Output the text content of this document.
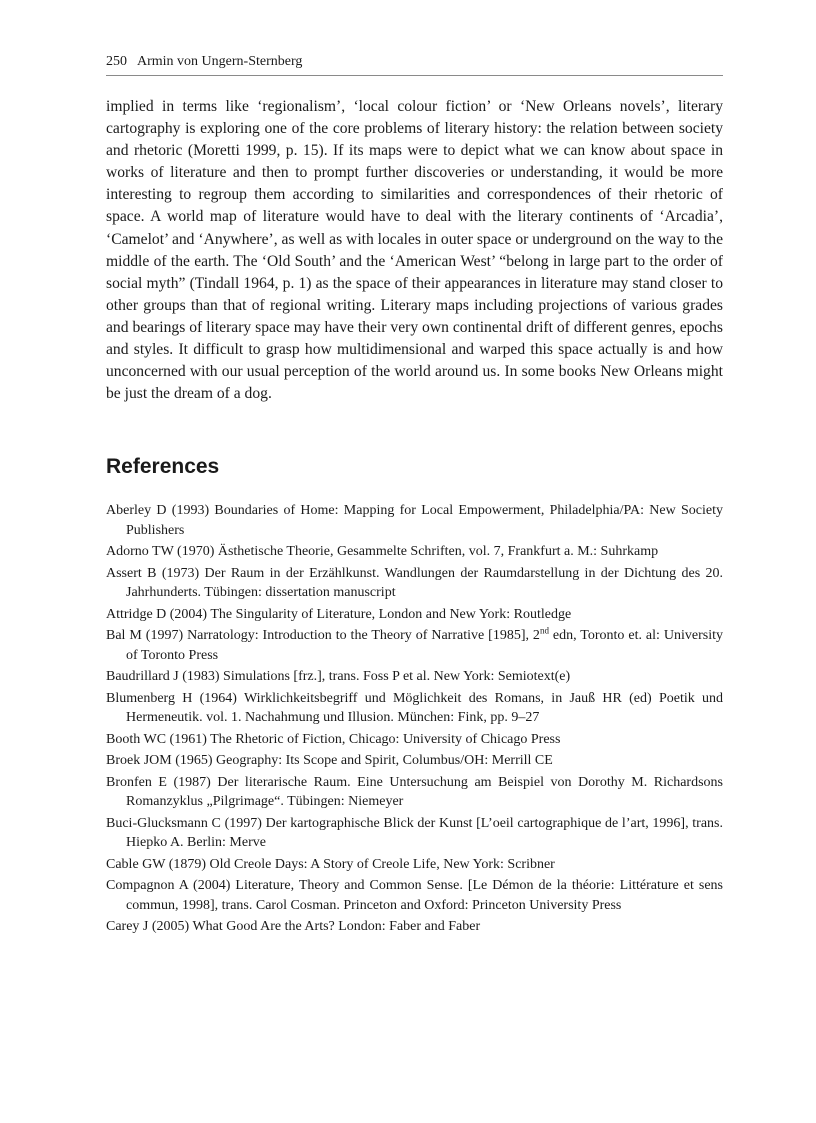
250 Armin von Ungern-Sternberg

implied in terms like ‘regionalism’, ‘local colour fiction’ or ‘New Orleans novels’, literary cartography is exploring one of the core problems of literary history: the relation between society and rhetoric (Moretti 1999, p. 15). If its maps were to depict what we can know about space in works of literature and then to prompt further discoveries or understanding, it would be more interesting to regroup them according to similarities and correspondences of their rhetoric of space. A world map of literature would have to deal with the literary continents of ‘Arcadia’, ‘Camelot’ and ‘Anywhere’, as well as with locales in outer space or underground on the way to the middle of the earth. The ‘Old South’ and the ‘American West’ “belong in large part to the order of social myth” (Tindall 1964, p. 1) as the space of their appearances in literature may stand closer to other groups than that of regional writing. Literary maps including projections of various grades and bearings of literary space may have their very own continental drift of different genres, epochs and styles. It difficult to grasp how multidimensional and warped this space actually is and how unconcerned with our usual perception of the world around us. In some books New Orleans might be just the dream of a dog.

References
Aberley D (1993) Boundaries of Home: Mapping for Local Empowerment, Philadelphia/PA: New Society Publishers
Adorno TW (1970) Ästhetische Theorie, Gesammelte Schriften, vol. 7, Frankfurt a. M.: Suhrkamp
Assert B (1973) Der Raum in der Erzählkunst. Wandlungen der Raumdarstellung in der Dichtung des 20. Jahrhunderts. Tübingen: dissertation manuscript
Attridge D (2004) The Singularity of Literature, London and New York: Routledge
Bal M (1997) Narratology: Introduction to the Theory of Narrative [1985], 2nd edn, Toronto et. al: University of Toronto Press
Baudrillard J (1983) Simulations [frz.], trans. Foss P et al. New York: Semiotext(e)
Blumenberg H (1964) Wirklichkeitsbegriff und Möglichkeit des Romans, in Jauß HR (ed) Poetik und Hermeneutik. vol. 1. Nachahmung und Illusion. München: Fink, pp. 9–27
Booth WC (1961) The Rhetoric of Fiction, Chicago: University of Chicago Press
Broek JOM (1965) Geography: Its Scope and Spirit, Columbus/OH: Merrill CE
Bronfen E (1987) Der literarische Raum. Eine Untersuchung am Beispiel von Dorothy M. Richardsons Romanzyklus „Pilgrimage“. Tübingen: Niemeyer
Buci-Glucksmann C (1997) Der kartographische Blick der Kunst [L’oeil cartographique de l’art, 1996], trans. Hiepko A. Berlin: Merve
Cable GW (1879) Old Creole Days: A Story of Creole Life, New York: Scribner
Compagnon A (2004) Literature, Theory and Common Sense. [Le Démon de la théorie: Littérature et sens commun, 1998], trans. Carol Cosman. Princeton and Oxford: Princeton University Press
Carey J (2005) What Good Are the Arts? London: Faber and Faber
